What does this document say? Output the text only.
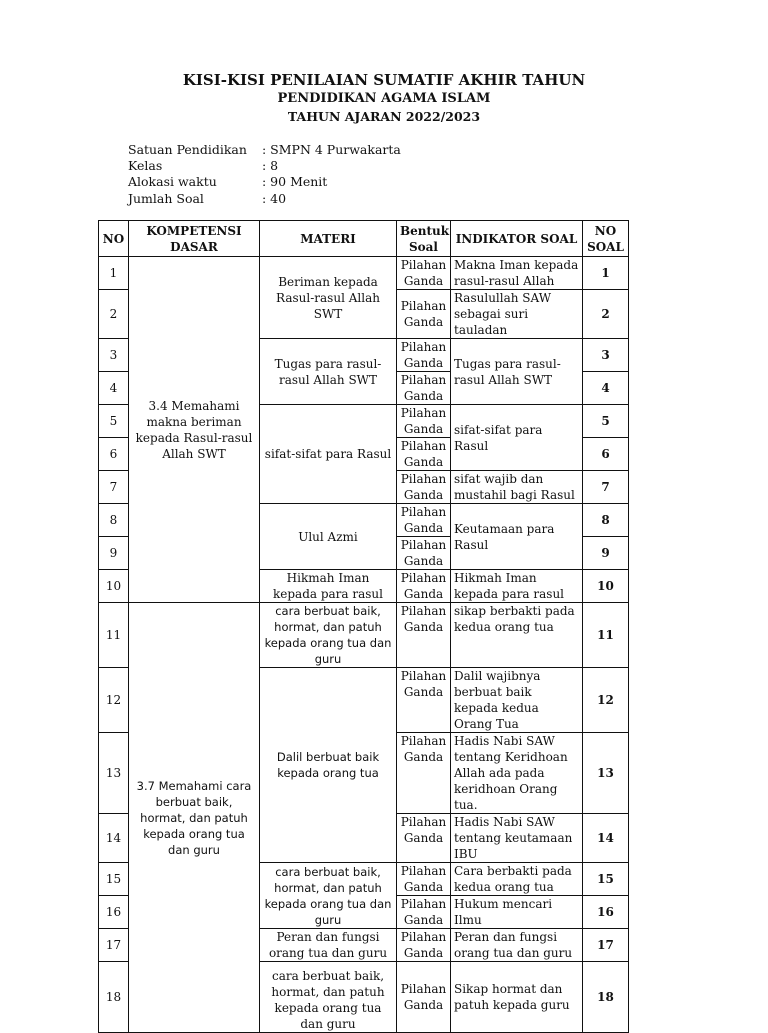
KISI-KISI PENILAIAN SUMATIF AKHIR TAHUN
PENDIDIKAN AGAMA ISLAM
TAHUN AJARAN 2022/2023
Satuan Pendidikan	: SMPN 4 Purwakarta
Kelas	: 8
Alokasi waktu	: 90 Menit
Jumlah Soal	: 40
NO	KOMPETENSI DASAR	MATERI	Bentuk Soal	INDIKATOR SOAL	NO SOAL
1	3.4 Memahami makna beriman kepada Rasul-rasul Allah SWT	Beriman kepada Rasul-rasul Allah SWT	Pilahan Ganda	Makna Iman kepada rasul-rasul Allah	1
2			Pilahan Ganda	Rasulullah SAW sebagai suri tauladan	2
3		Tugas para rasul-rasul Allah SWT	Pilahan Ganda	Tugas para rasul-rasul Allah SWT	3
4			Pilahan Ganda		4
5		sifat-sifat para Rasul	Pilahan Ganda	sifat-sifat para Rasul	5
6			Pilahan Ganda		6
7			Pilahan Ganda	sifat wajib dan mustahil bagi Rasul	7
8		Ulul Azmi	Pilahan Ganda	Keutamaan para Rasul	8
9			Pilahan Ganda		9
10		Hikmah Iman kepada para rasul	Pilahan Ganda	Hikmah Iman kepada para rasul	10
11	3.7 Memahami cara berbuat baik, hormat, dan patuh kepada orang tua dan guru	cara berbuat baik, hormat, dan patuh kepada orang tua dan guru	Pilahan Ganda	sikap berbakti pada kedua orang tua	11
12		Dalil berbuat baik kepada orang tua	Pilahan Ganda	Dalil wajibnya berbuat baik kepada kedua Orang Tua	12
13			Pilahan Ganda	Hadis Nabi SAW tentang Keridhoan Allah ada pada keridhoan Orang tua.	13
14			Pilahan Ganda	Hadis Nabi SAW tentang keutamaan IBU	14
15		cara berbuat baik, hormat, dan patuh kepada orang tua dan guru	Pilahan Ganda	Cara berbakti pada kedua orang tua	15
16			Pilahan Ganda	Hukum mencari Ilmu	16
17		Peran dan fungsi orang tua dan guru	Pilahan Ganda	Peran dan fungsi orang tua dan guru	17
18		cara berbuat baik, hormat, dan patuh kepada orang tua dan guru	Pilahan Ganda	Sikap hormat dan patuh kepada guru	18
